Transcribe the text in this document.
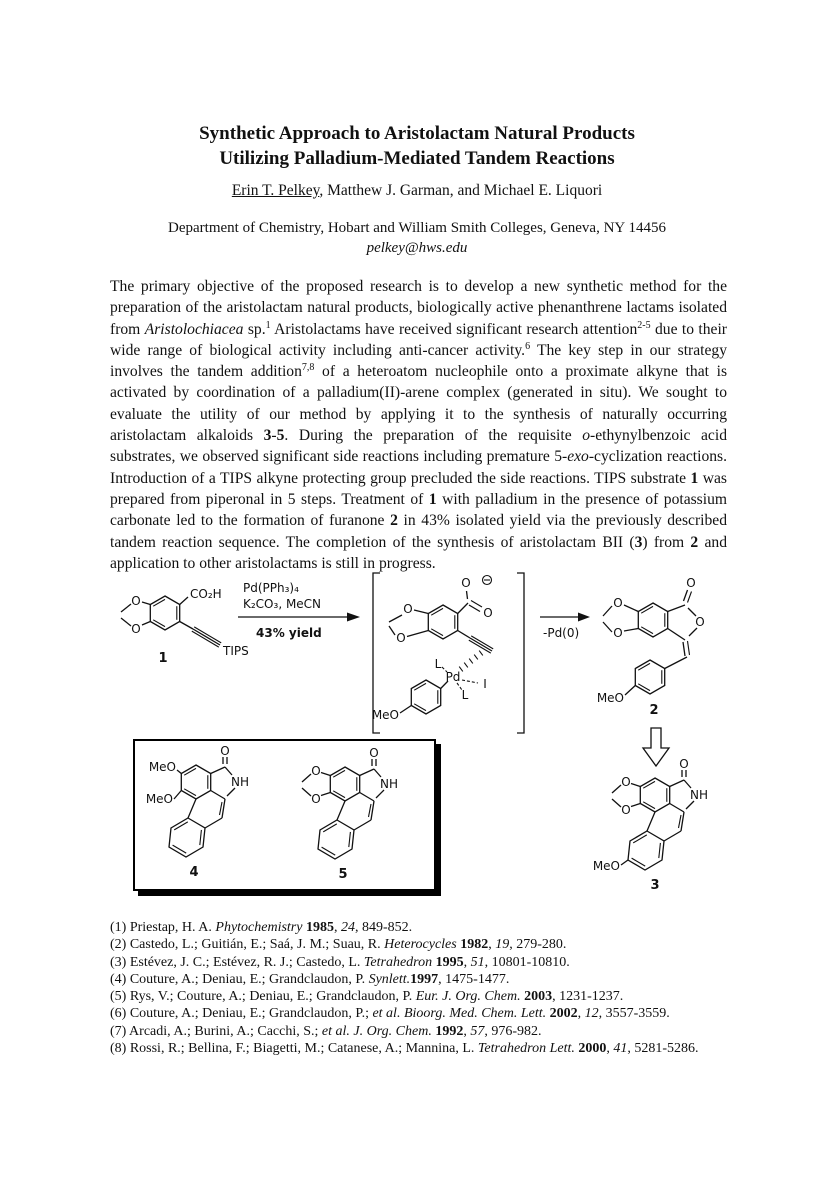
O
NH
Synthetic Approach to Aristolactam Natural Products
Utilizing Palladium-Mediated Tandem Reactions
Erin T. Pelkey, Matthew J. Garman, and Michael E. Liquori
Department of Chemistry, Hobart and William Smith Colleges, Geneva, NY 14456
pelkey@hws.edu

The primary objective of the proposed research is to develop a new synthetic method for the preparation of the aristolactam natural products, biologically active phenanthrene lactams isolated from Aristolochiacea sp.$^1$ Aristolactams have received significant research attention$^{2-5}$ due to their wide range of biological activity including anti-cancer activity.$^6$ The key step in our strategy involves the tandem addition$^{7,8}$ of a heteroatom nucleophile onto a proximate alkyne that is activated by coordination of a palladium(II)-arene complex (generated in situ). We sought to evaluate the utility of our method by applying it to the synthesis of naturally occurring aristolactam alkaloids 3-5. During the preparation of the requisite o-ethynylbenzoic acid substrates, we observed significant side reactions including premature 5-exo-cyclization reactions. Introduction of a TIPS alkyne protecting group precluded the side reactions. TIPS substrate 1 was prepared from piperonal in 5 steps. Treatment of 1 with palladium in the presence of potassium carbonate led to the formation of furanone 2 in 43% isolated yield via the previously described tandem reaction sequence. The completion of the synthesis of aristolactam BII (3) from 2 and application to other aristolactams is still in progress.

CO₂H
O
O
TIPS
1
Pd(PPh₃)₄
K₂CO₃, MeCN
43% yield
O
O
O
O
Pd
L
I
L
MeO
-Pd(0)
O
O
O
O
MeO
2
O
O
MeO
3
MeO
MeO
4
O
O
5
(1) Priestap, H. A. Phytochemistry 1985, 24, 849-852.
(2) Castedo, L.; Guitián, E.; Saá, J. M.; Suau, R. Heterocycles 1982, 19, 279-280.
(3) Estévez, J. C.; Estévez, R. J.; Castedo, L. Tetrahedron 1995, 51, 10801-10810.
(4) Couture, A.; Deniau, E.; Grandclaudon, P. Synlett.1997, 1475-1477.
(5) Rys, V.; Couture, A.; Deniau, E.; Grandclaudon, P. Eur. J. Org. Chem. 2003, 1231-1237.
(6) Couture, A.; Deniau, E.; Grandclaudon, P.; et al. Bioorg. Med. Chem. Lett. 2002, 12, 3557-3559.
(7) Arcadi, A.; Burini, A.; Cacchi, S.; et al. J. Org. Chem. 1992, 57, 976-982.
(8) Rossi, R.; Bellina, F.; Biagetti, M.; Catanese, A.; Mannina, L. Tetrahedron Lett. 2000, 41, 5281-5286.
